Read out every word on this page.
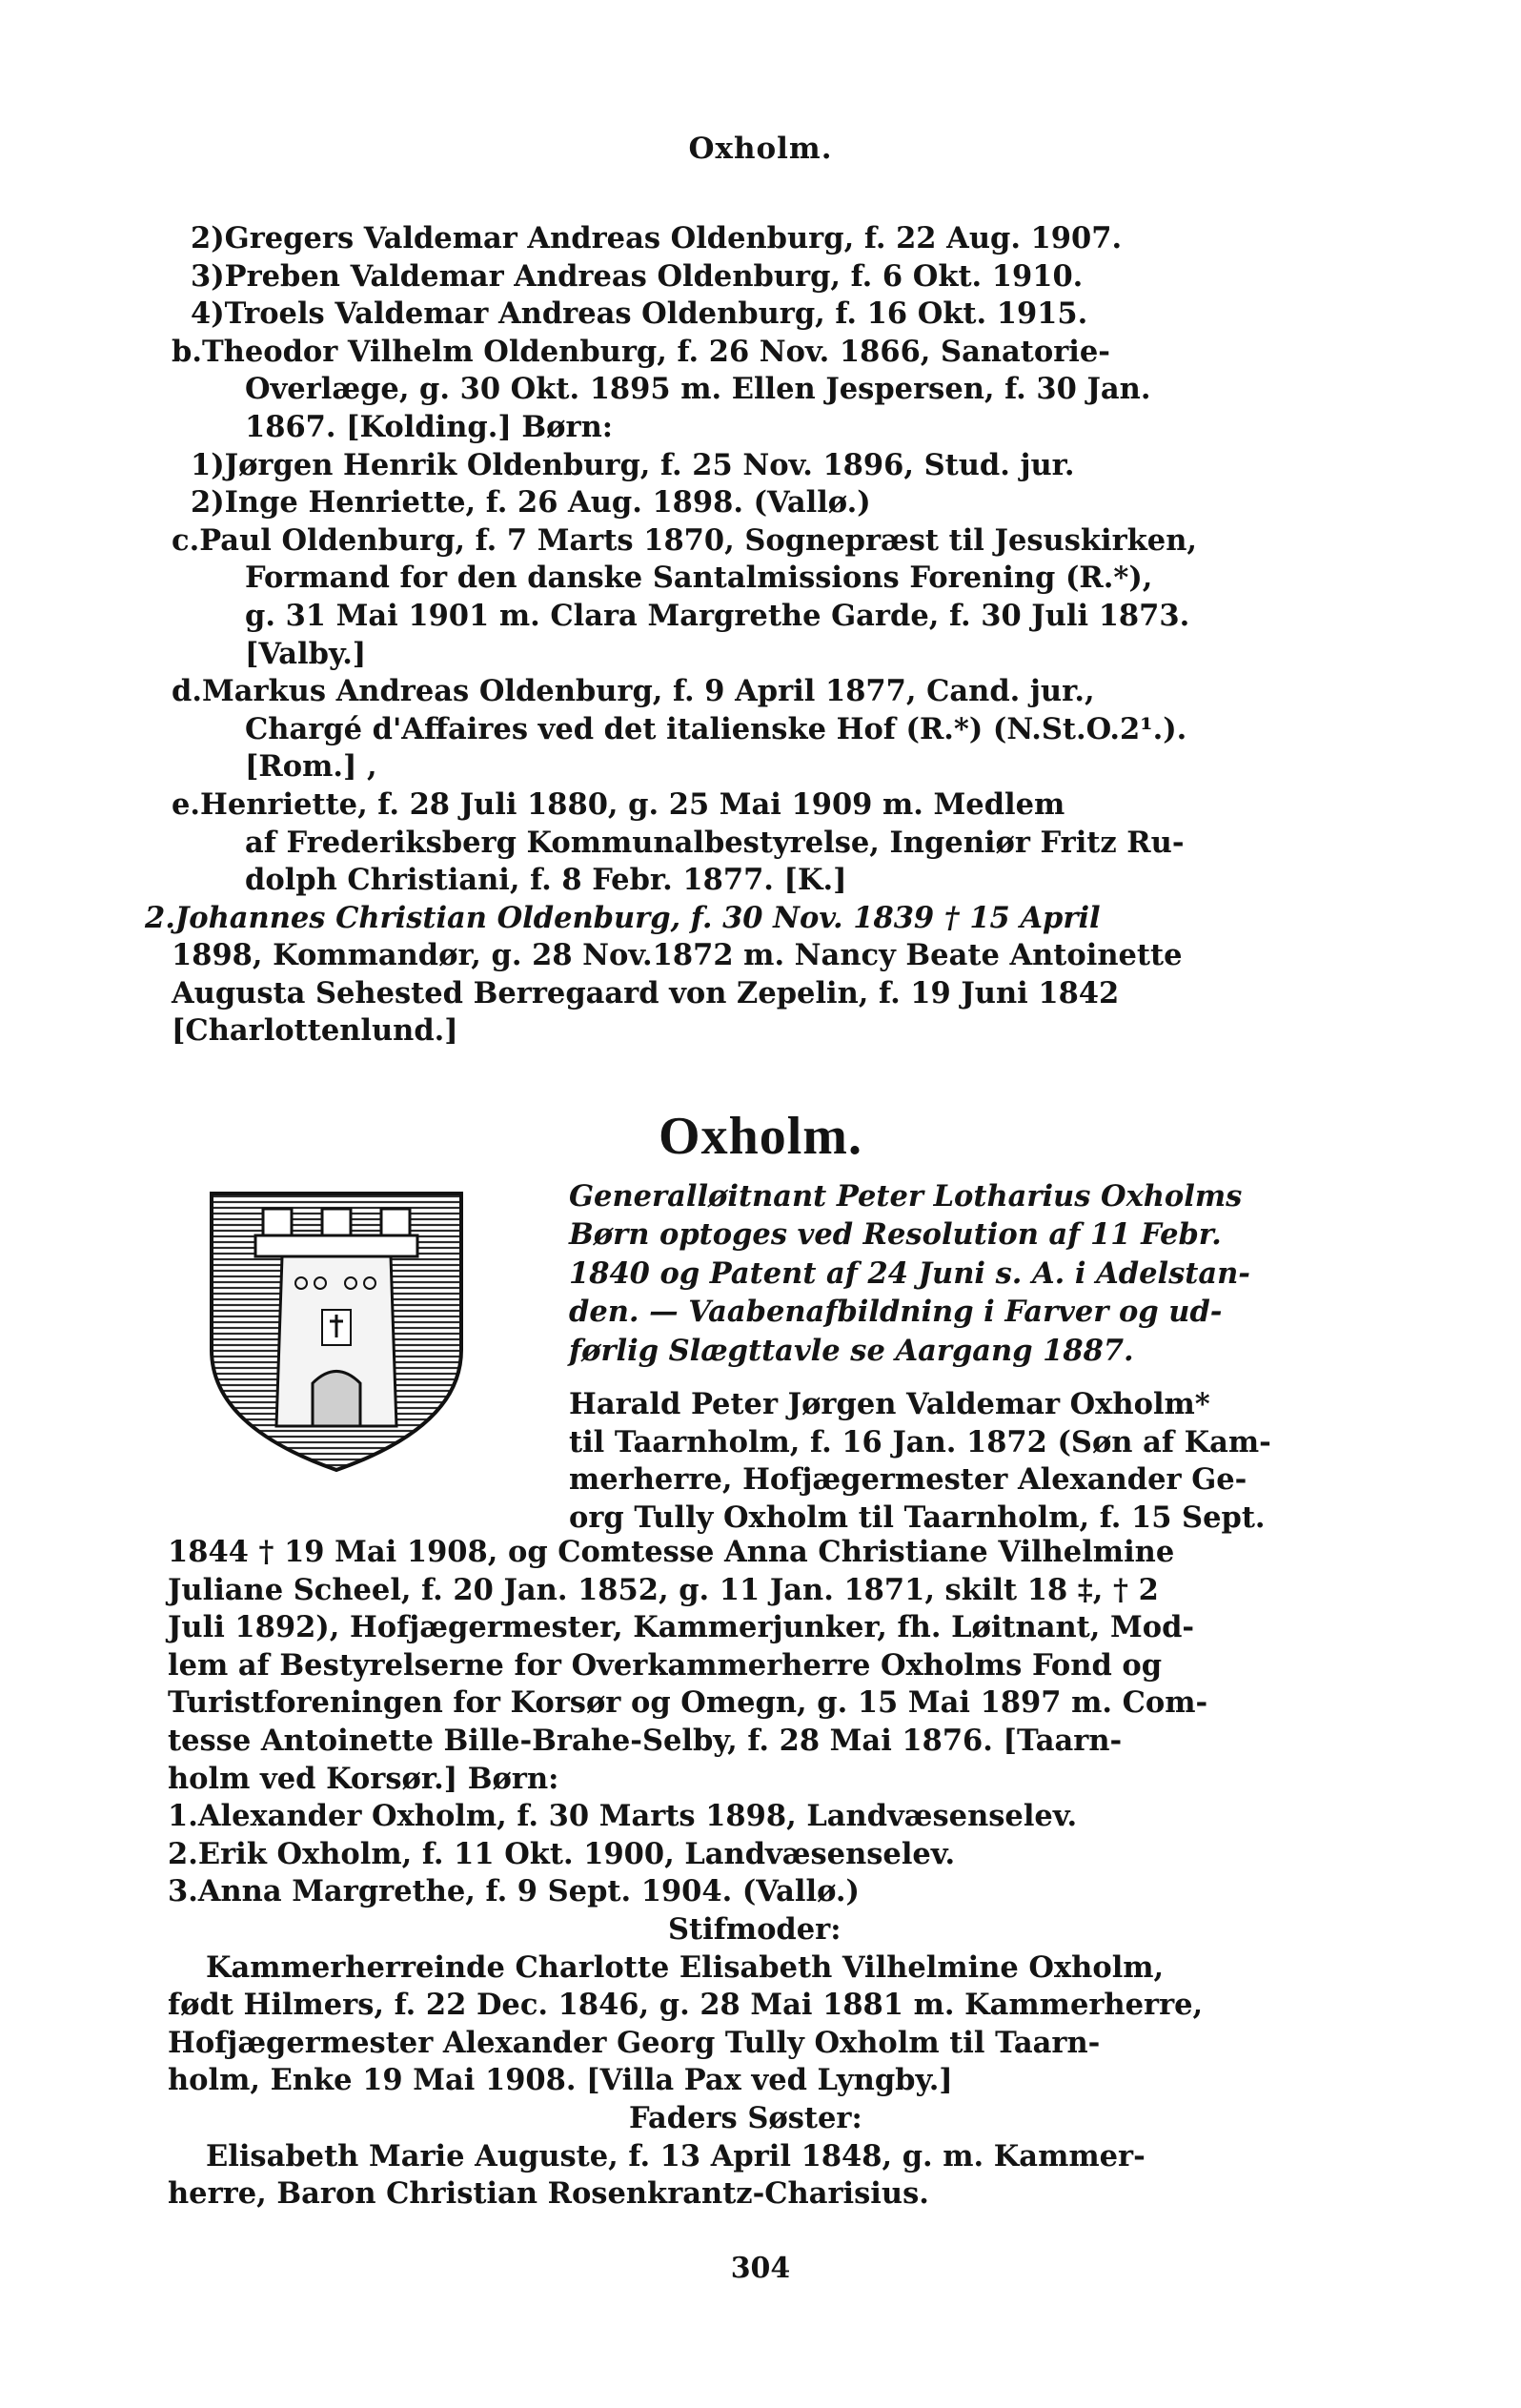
Oxholm.
2)Gregers Valdemar Andreas Oldenburg, f. 22 Aug. 1907.
3)Preben Valdemar Andreas Oldenburg, f. 6 Okt. 1910.
4)Troels Valdemar Andreas Oldenburg, f. 16 Okt. 1915.
b.Theodor Vilhelm Oldenburg, f. 26 Nov. 1866, Sanatorie-
Overlæge, g. 30 Okt. 1895 m. Ellen Jespersen, f. 30 Jan.
1867. [Kolding.] Børn:
1)Jørgen Henrik Oldenburg, f. 25 Nov. 1896, Stud. jur.
2)Inge Henriette, f. 26 Aug. 1898. (Vallø.)
c.Paul Oldenburg, f. 7 Marts 1870, Sognepræst til Jesuskirken,
Formand for den danske Santalmissions Forening (R.*),
g. 31 Mai 1901 m. Clara Margrethe Garde, f. 30 Juli 1873.
[Valby.]
d.Markus Andreas Oldenburg, f. 9 April 1877, Cand. jur.,
Chargé d'Affaires ved det italienske Hof (R.*) (N.St.O.2¹.).
[Rom.] ,
e.Henriette, f. 28 Juli 1880, g. 25 Mai 1909 m. Medlem
af Frederiksberg Kommunalbestyrelse, Ingeniør Fritz Ru-
dolph Christiani, f. 8 Febr. 1877. [K.]
2.Johannes Christian Oldenburg, f. 30 Nov. 1839 † 15 April
1898, Kommandør, g. 28 Nov.1872 m. Nancy Beate Antoinette
Augusta Sehested Berregaard von Zepelin, f. 19 Juni 1842
[Charlottenlund.]
Oxholm.
Generalløitnant Peter Lotharius Oxholms
Børn optoges ved Resolution af 11 Febr.
1840 og Patent af 24 Juni s. A. i Adelstan-
den. — Vaabenafbildning i Farver og ud-
førlig Slægttavle se Aargang 1887.
Harald Peter Jørgen Valdemar Oxholm*
til Taarnholm, f. 16 Jan. 1872 (Søn af Kam-
merherre, Hofjægermester Alexander Ge-
org Tully Oxholm til Taarnholm, f. 15 Sept.
1844 † 19 Mai 1908, og Comtesse Anna Christiane Vilhelmine
Juliane Scheel, f. 20 Jan. 1852, g. 11 Jan. 1871, skilt 18 ‡, † 2
Juli 1892), Hofjægermester, Kammerjunker, fh. Løitnant, Mod-
lem af Bestyrelserne for Overkammerherre Oxholms Fond og
Turistforeningen for Korsør og Omegn, g. 15 Mai 1897 m. Com-
tesse Antoinette Bille-Brahe-Selby, f. 28 Mai 1876. [Taarn-
holm ved Korsør.] Børn:
1.Alexander Oxholm, f. 30 Marts 1898, Landvæsenselev.
2.Erik Oxholm, f. 11 Okt. 1900, Landvæsenselev.
3.Anna Margrethe, f. 9 Sept. 1904. (Vallø.)
Stifmoder:
Kammerherreinde Charlotte Elisabeth Vilhelmine Oxholm,
født Hilmers, f. 22 Dec. 1846, g. 28 Mai 1881 m. Kammerherre,
Hofjægermester Alexander Georg Tully Oxholm til Taarn-
holm, Enke 19 Mai 1908. [Villa Pax ved Lyngby.]
Faders Søster:
Elisabeth Marie Auguste, f. 13 April 1848, g. m. Kammer-
herre, Baron Christian Rosenkrantz-Charisius.
304
